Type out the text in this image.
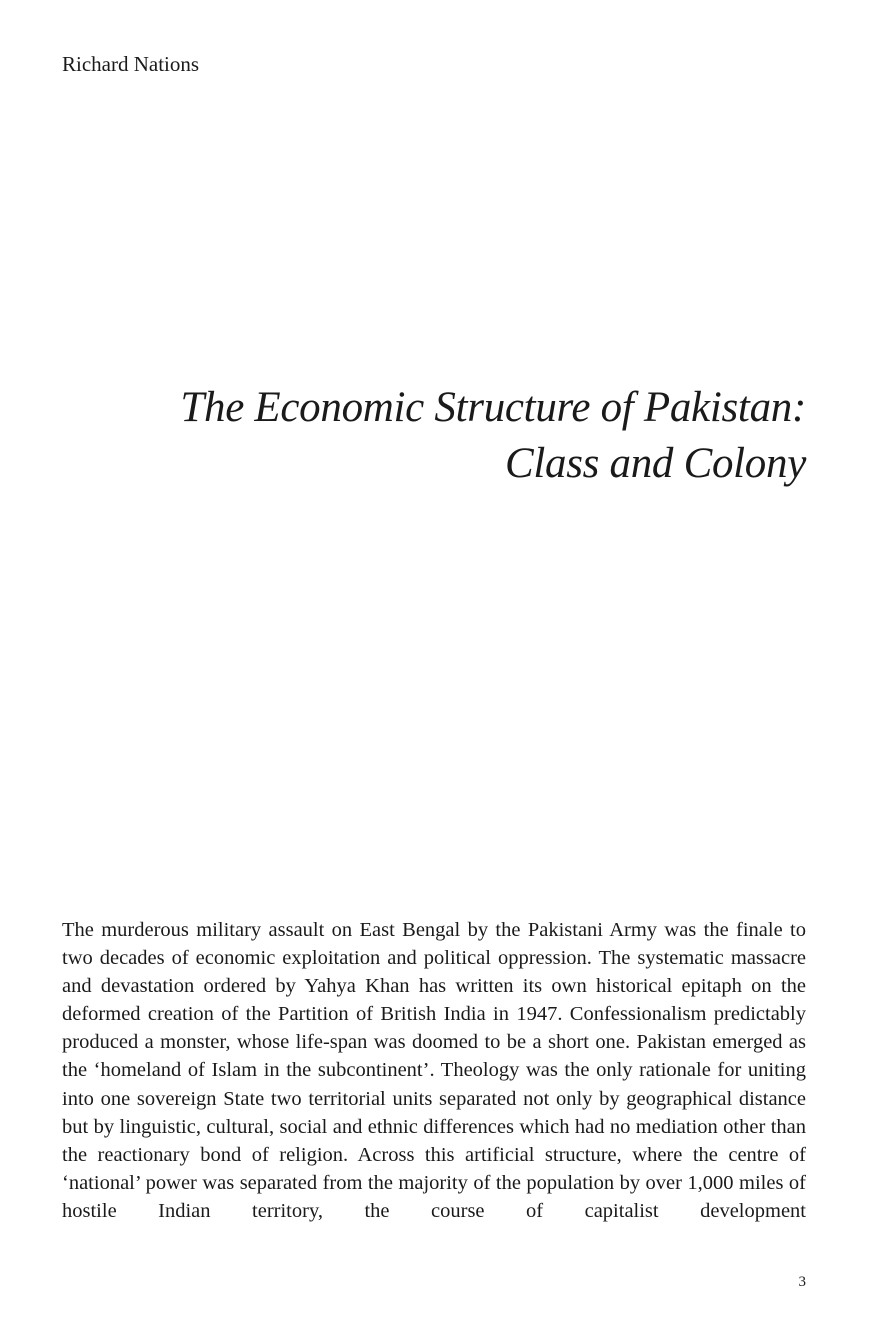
Richard Nations

The Economic Structure of Pakistan:
Class and Colony

The murderous military assault on East Bengal by the Pakistani Army was the finale to two decades of economic exploitation and political oppression. The systematic massacre and devastation ordered by Yahya Khan has written its own historical epitaph on the deformed creation of the Partition of British India in 1947. Confessionalism predictably produced a monster, whose life-span was doomed to be a short one. Pakistan emerged as the ‘homeland of Islam in the subcontinent’. Theology was the only rationale for uniting into one sovereign State two territorial units separated not only by geographical distance but by linguistic, cultural, social and ethnic differences which had no mediation other than the reactionary bond of religion. Across this artificial structure, where the centre of ‘national’ power was separated from the majority of the population by over 1,000 miles of hostile Indian territory, the course of capitalist development

3
